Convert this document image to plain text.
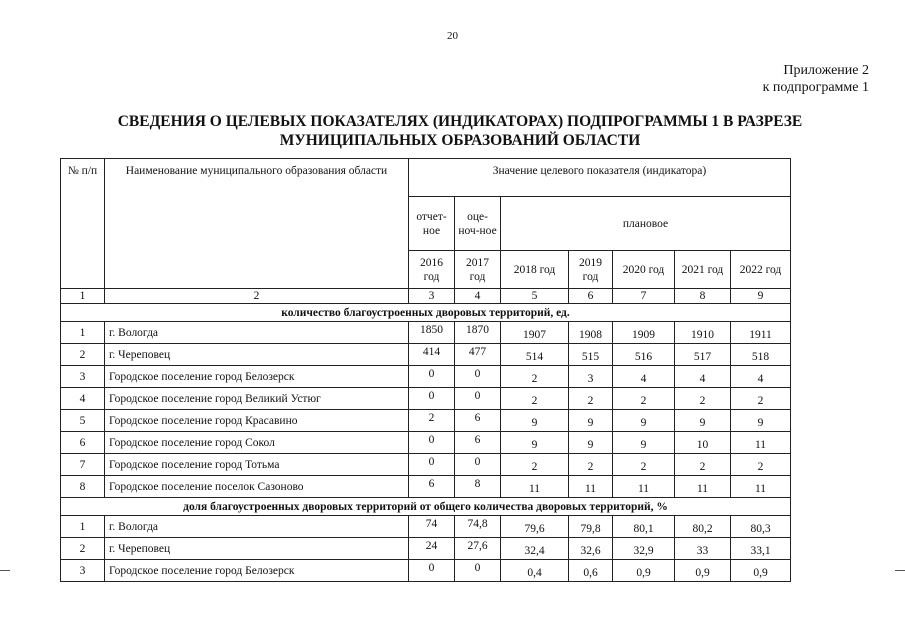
20
Приложение 2
к подпрограмме 1
СВЕДЕНИЯ О ЦЕЛЕВЫХ ПОКАЗАТЕЛЯХ (ИНДИКАТОРАХ) ПОДПРОГРАММЫ 1 В РАЗРЕЗЕ
МУНИЦИПАЛЬНЫХ ОБРАЗОВАНИЙ ОБЛАСТИ
№ п/п	Наименование муниципального образования области	Значение целевого показателя (индикатора)						
		отчет-ное	оце-ноч-ное	плановое				
		2016 год	2017 год	2018 год	2019 год	2020 год	2021 год	2022 год
1	2	3	4	5	6	7	8	9
количество благоустроенных дворовых территорий, ед.								
1	г. Вологда	1850	1870	1907	1908	1909	1910	1911
2	г. Череповец	414	477	514	515	516	517	518
3	Городское поселение город Белозерск	0	0	2	3	4	4	4
4	Городское поселение город Великий Устюг	0	0	2	2	2	2	2
5	Городское поселение город Красавино	2	6	9	9	9	9	9
6	Городское поселение город Сокол	0	6	9	9	9	10	11
7	Городское поселение город Тотьма	0	0	2	2	2	2	2
8	Городское поселение поселок Сазоново	6	8	11	11	11	11	11
доля благоустроенных дворовых территорий от общего количества дворовых территорий, %								
1	г. Вологда	74	74,8	79,6	79,8	80,1	80,2	80,3
2	г. Череповец	24	27,6	32,4	32,6	32,9	33	33,1
3	Городское поселение город Белозерск	0	0	0,4	0,6	0,9	0,9	0,9
